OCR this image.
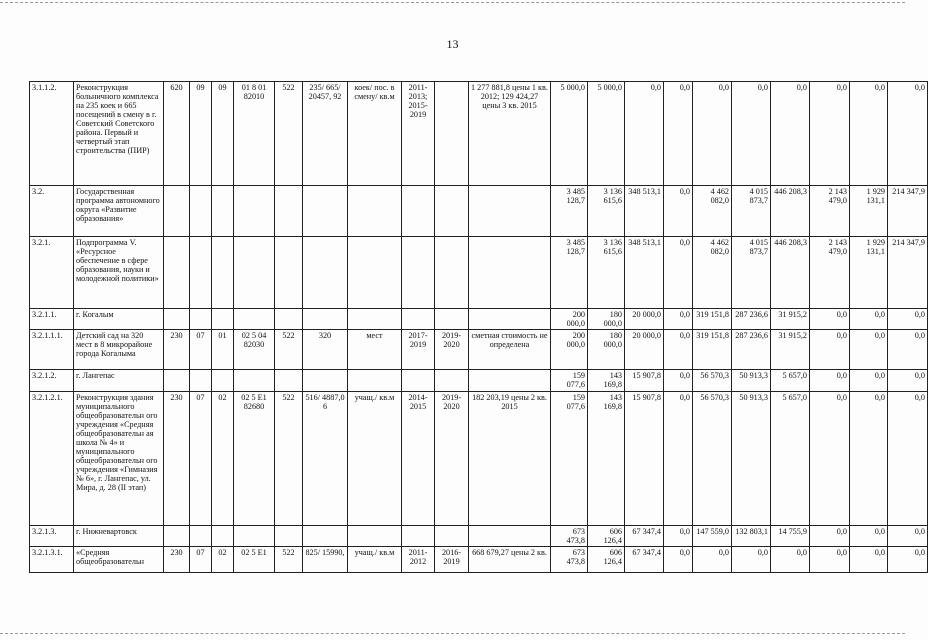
13
3.1.1.2.	Реконструкция больничного комплекса на 235 коек и 665 посещений в смену в г. Советский Советского района. Первый и четвертый этап строительства (ПИР)	620	09	09	01 8 01 82010	522	235/ 665/ 20457, 92	коек/ пос. в смену/ кв.м	2011- 2013; 2015- 2019		1 277 881,8 цены 1 кв. 2012; 129 424,27 цены 3 кв. 2015	5 000,0	5 000,0	0,0	0,0	0,0	0,0	0,0	0,0	0,0	0,0
3.2.	Государственная программа автономного округа «Развитие образования»											3 485 128,7	3 136 615,6	348 513,1	0,0	4 462 082,0	4 015 873,7	446 208,3	2 143 479,0	1 929 131,1	214 347,9
3.2.1.	Подпрограмма V. «Ресурсное обеспечение в сфере образования, науки и молодежной политики»											3 485 128,7	3 136 615,6	348 513,1	0,0	4 462 082,0	4 015 873,7	446 208,3	2 143 479,0	1 929 131,1	214 347,9
3.2.1.1.	г. Когалым											200 000,0	180 000,0	20 000,0	0,0	319 151,8	287 236,6	31 915,2	0,0	0,0	0,0
3.2.1.1.1.	Детский сад на 320 мест в 8 микрорайоне города Когалыма	230	07	01	02 5 04 82030	522	320	мест	2017- 2019	2019- 2020	сметная стоимость не определена	200 000,0	180 000,0	20 000,0	0,0	319 151,8	287 236,6	31 915,2	0,0	0,0	0,0
3.2.1.2.	г. Лангепас											159 077,6	143 169,8	15 907,8	0,0	56 570,3	50 913,3	5 657,0	0,0	0,0	0,0
3.2.1.2.1.	Реконструкция здания муниципального общеобразовательн ого учреждения «Средняя общеобразовательн ая школа № 4» и муниципального общеобразовательн ого учреждения «Гимназия № 6», г. Лангепас, ул. Мира, д. 28 (II этап)	230	07	02	02 5 E1 82680	522	516/ 4887,0 6	учащ./ кв.м	2014- 2015	2019- 2020	182 203,19 цены 2 кв. 2015	159 077,6	143 169,8	15 907,8	0,0	56 570,3	50 913,3	5 657,0	0,0	0,0	0,0
3.2.1.3.	г. Нижневартовск											673 473,8	606 126,4	67 347,4	0,0	147 559,0	132 803,1	14 755,9	0,0	0,0	0,0
3.2.1.3.1.	«Средняя общеобразовательн	230	07	02	02 5 E1	522	825/ 15990,	учащ./ кв.м	2011- 2012	2016- 2019	668 679,27 цены 2 кв.	673 473,8	606 126,4	67 347,4	0,0	0,0	0,0	0,0	0,0	0,0	0,0
